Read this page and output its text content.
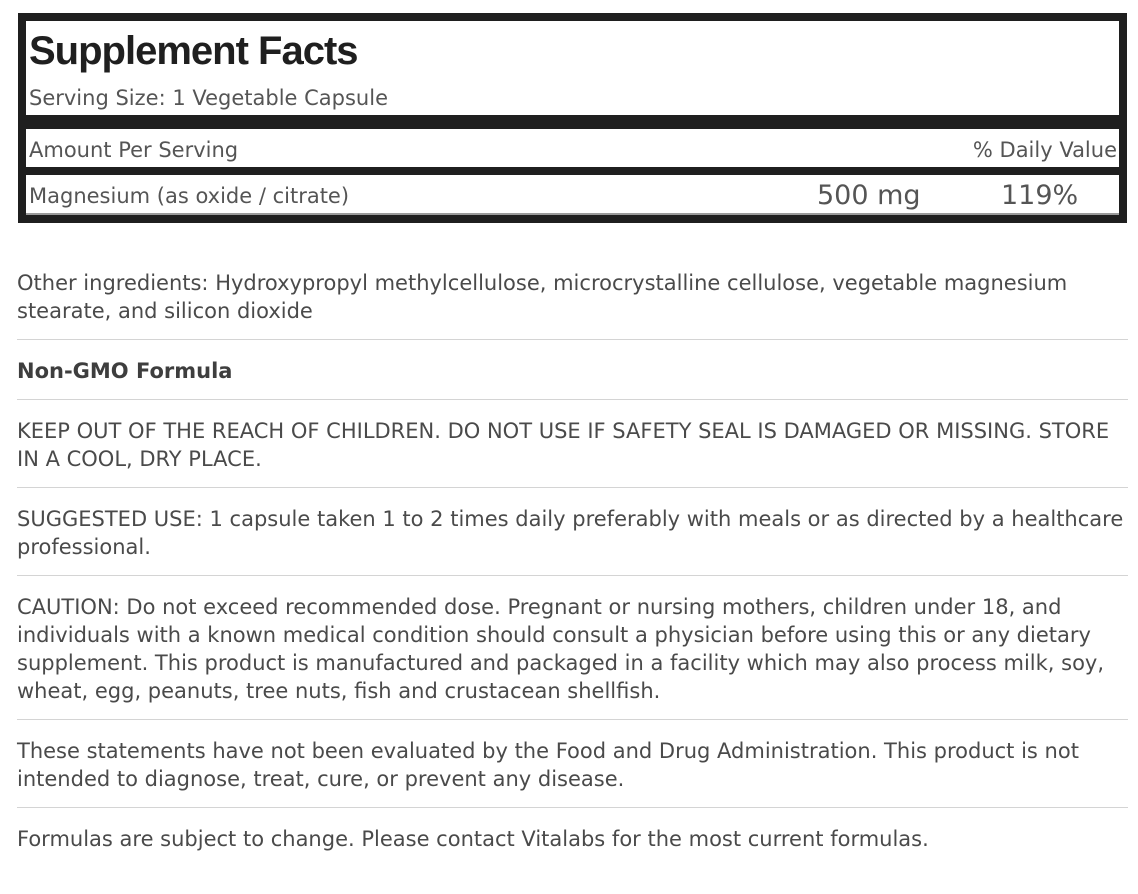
Supplement Facts
Serving Size: 1 Vegetable Capsule
Amount Per Serving	% Daily Value
Magnesium (as oxide / citrate)	500 mg	119%
Other ingredients: Hydroxypropyl methylcellulose, microcrystalline cellulose, vegetable magnesium stearate, and silicon dioxide
Non-GMO Formula
KEEP OUT OF THE REACH OF CHILDREN. DO NOT USE IF SAFETY SEAL IS DAMAGED OR MISSING. STORE IN A COOL, DRY PLACE.
SUGGESTED USE: 1 capsule taken 1 to 2 times daily preferably with meals or as directed by a healthcare professional.
CAUTION: Do not exceed recommended dose. Pregnant or nursing mothers, children under 18, and individuals with a known medical condition should consult a physician before using this or any dietary supplement. This product is manufactured and packaged in a facility which may also process milk, soy, wheat, egg, peanuts, tree nuts, fish and crustacean shellfish.
These statements have not been evaluated by the Food and Drug Administration. This product is not intended to diagnose, treat, cure, or prevent any disease.
Formulas are subject to change. Please contact Vitalabs for the most current formulas.
